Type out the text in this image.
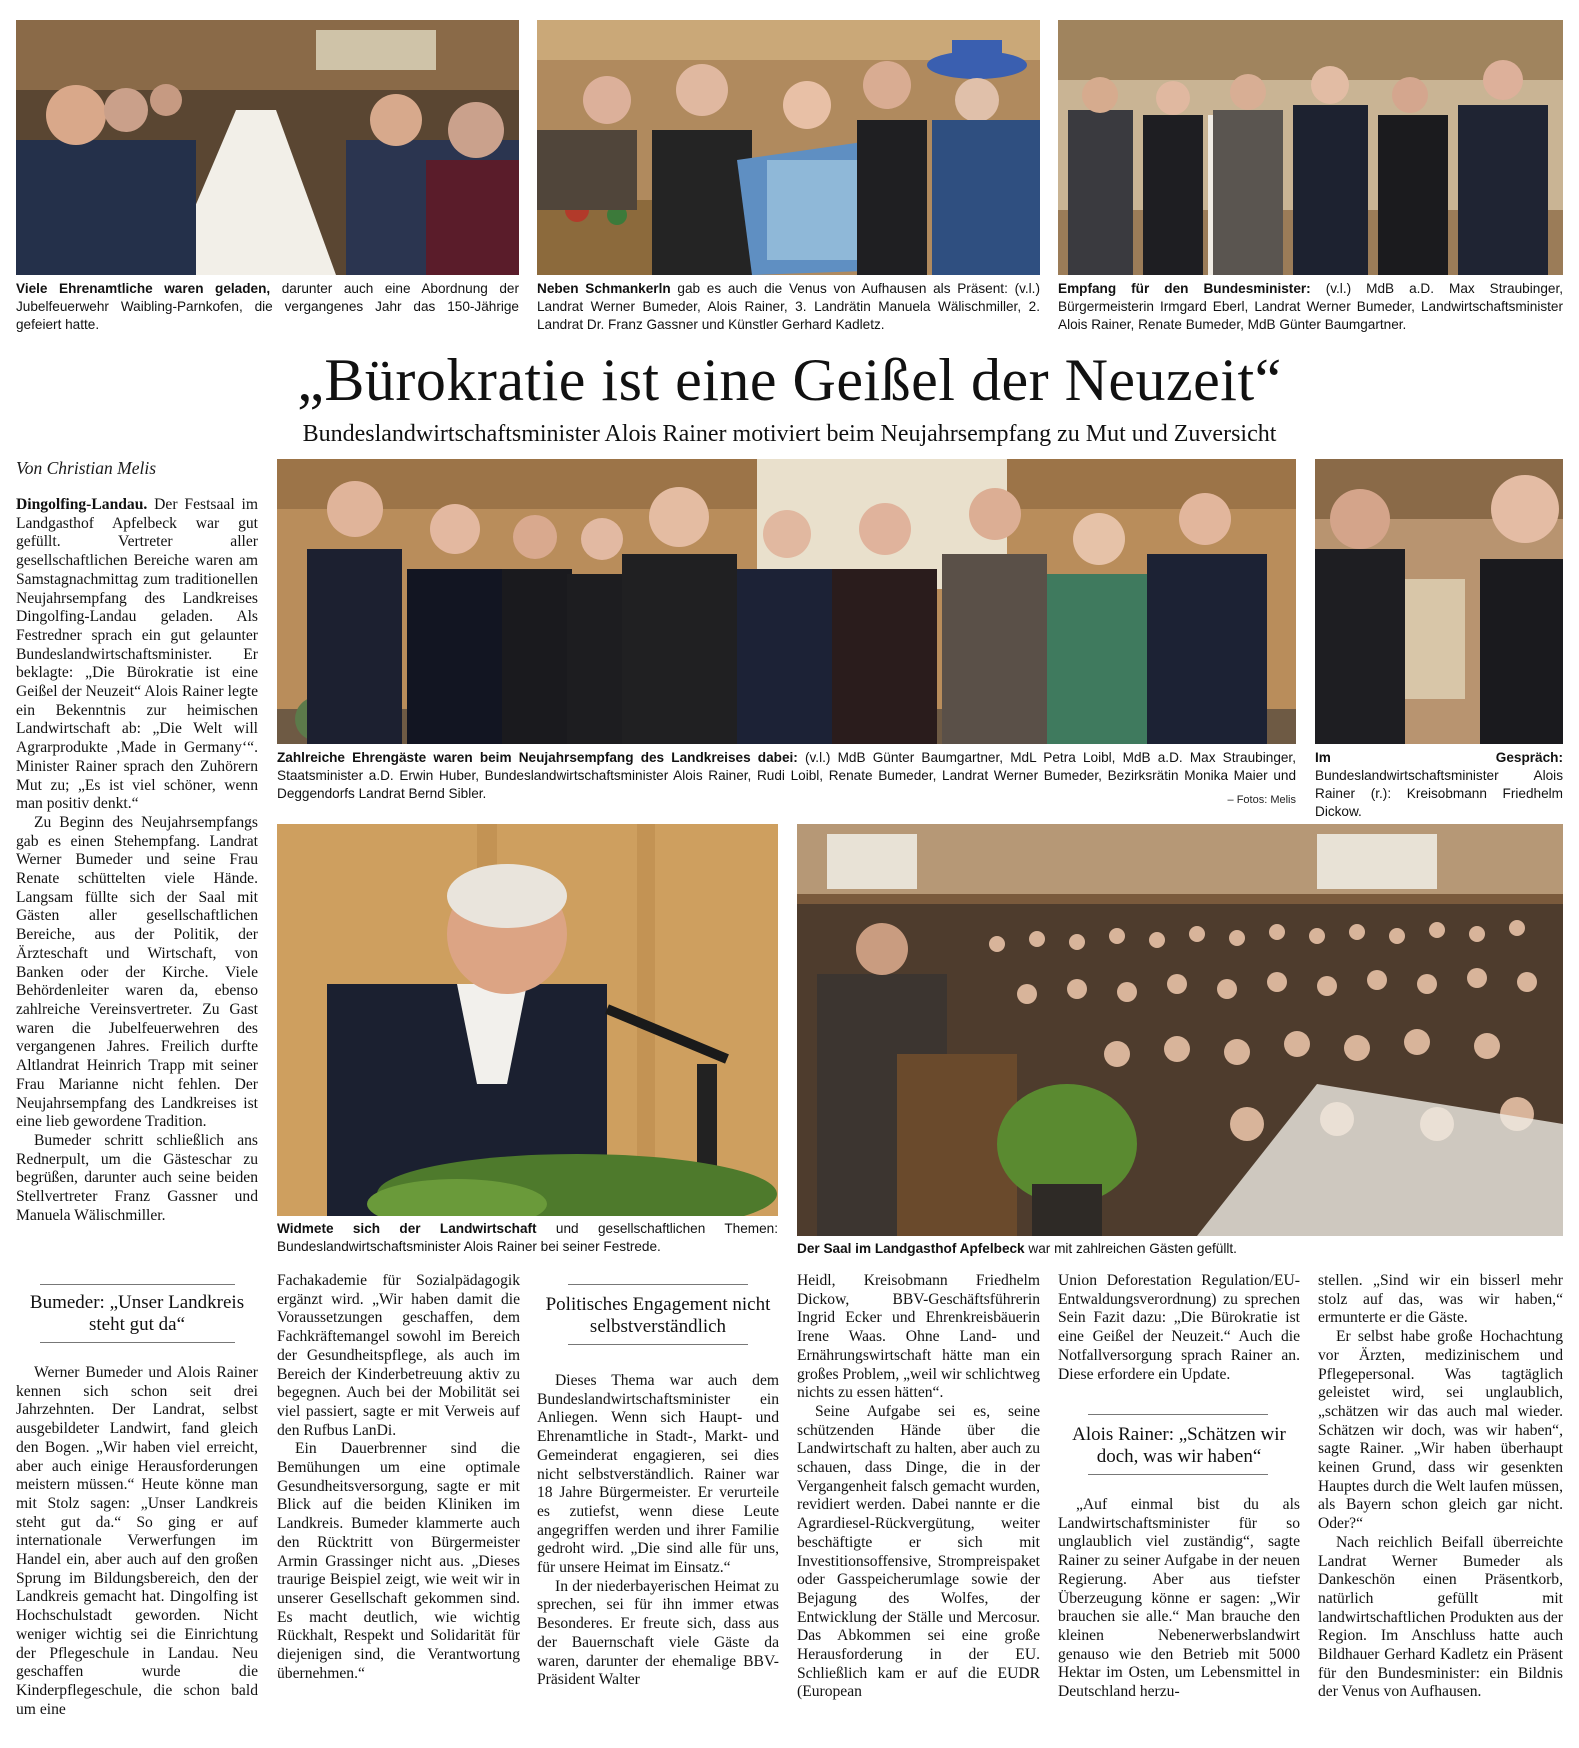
Viele Ehrenamtliche waren geladen, darunter auch eine Abordnung der Jubelfeuerwehr Waibling-Parnkofen, die vergangenes Jahr das 150-Jährige gefeiert hatte.
Neben Schmankerln gab es auch die Venus von Aufhausen als Präsent: (v.l.) Landrat Werner Bumeder, Alois Rainer, 3. Landrätin Manuela Wälischmiller, 2. Landrat Dr. Franz Gassner und Künstler Gerhard Kadletz.
Empfang für den Bundesminister: (v.l.) MdB a.D. Max Straubinger, Bürgermeisterin Irmgard Eberl, Landrat Werner Bumeder, Landwirtschaftsminister Alois Rainer, Renate Bumeder, MdB Günter Baumgartner.
„Bürokratie ist eine Geißel der Neuzeit“
Bundeslandwirtschaftsminister Alois Rainer motiviert beim Neujahrsempfang zu Mut und Zuversicht
Von Christian Melis
Zahlreiche Ehrengäste waren beim Neujahrsempfang des Landkreises dabei: (v.l.) MdB Günter Baumgartner, MdL Petra Loibl, MdB a.D. Max Straubinger, Staatsminister a.D. Erwin Huber, Bundeslandwirtschaftsminister Alois Rainer, Rudi Loibl, Renate Bumeder, Landrat Werner Bumeder, Bezirksrätin Monika Maier und Deggendorfs Landrat Bernd Sibler.	– Fotos: Melis
Im Gespräch: Bundeslandwirtschaftsminister Alois Rainer (r.): Kreisobmann Friedhelm Dickow.
Widmete sich der Landwirtschaft und gesellschaftlichen Themen: Bundeslandwirtschaftsminister Alois Rainer bei seiner Festrede.	Der Saal im Landgasthof Apfelbeck war mit zahlreichen Gästen gefüllt.

Dingolfing-Landau. Der Festsaal im Landgasthof Apfelbeck war gut gefüllt. Vertreter aller gesellschaftlichen Bereiche waren am Samstagnachmittag zum traditionellen Neujahrsempfang des Landkreises Dingolfing-Landau geladen. Als Festredner sprach ein gut gelaunter Bundeslandwirtschaftsminister. Er beklagte: „Die Bürokratie ist eine Geißel der Neuzeit“ Alois Rainer legte ein Bekenntnis zur heimischen Landwirtschaft ab: „Die Welt will Agrarprodukte ‚Made in Germany‘“. Minister Rainer sprach den Zuhörern Mut zu; „Es ist viel schöner, wenn man positiv denkt.“

Zu Beginn des Neujahrsempfangs gab es einen Stehempfang. Landrat Werner Bumeder und seine Frau Renate schüttelten viele Hände. Langsam füllte sich der Saal mit Gästen aller gesellschaftlichen Bereiche, aus der Politik, der Ärzteschaft und Wirtschaft, von Banken oder der Kirche. Viele Behördenleiter waren da, ebenso zahlreiche Vereinsvertreter. Zu Gast waren die Jubelfeuerwehren des vergangenen Jahres. Freilich durfte Altlandrat Heinrich Trapp mit seiner Frau Marianne nicht fehlen. Der Neujahrsempfang des Landkreises ist eine lieb gewordene Tradition.

Bumeder schritt schließlich ans Rednerpult, um die Gästeschar zu begrüßen, darunter auch seine beiden Stellvertreter Franz Gassner und Manuela Wälischmiller.

Bumeder: „Unser Landkreis steht gut da“

Werner Bumeder und Alois Rainer kennen sich schon seit drei Jahrzehnten. Der Landrat, selbst ausgebildeter Landwirt, fand gleich den Bogen. „Wir haben viel erreicht, aber auch einige Herausforderungen meistern müssen.“ Heute könne man mit Stolz sagen: „Unser Landkreis steht gut da.“ So ging er auf internationale Verwerfungen im Handel ein, aber auch auf den großen Sprung im Bildungsbereich, den der Landkreis gemacht hat. Dingolfing ist Hochschulstadt geworden. Nicht weniger wichtig sei die Einrichtung der Pflegeschule in Landau. Neu geschaffen wurde die Kinderpflegeschule, die schon bald um eine

Fachakademie für Sozialpädagogik ergänzt wird. „Wir haben damit die Voraussetzungen geschaffen, dem Fachkräftemangel sowohl im Bereich der Gesundheitspflege, als auch im Bereich der Kinderbetreuung aktiv zu begegnen. Auch bei der Mobilität sei viel passiert, sagte er mit Verweis auf den Rufbus LanDi.

Ein Dauerbrenner sind die Bemühungen um eine optimale Gesundheitsversorgung, sagte er mit Blick auf die beiden Kliniken im Landkreis. Bumeder klammerte auch den Rücktritt von Bürgermeister Armin Grassinger nicht aus. „Dieses traurige Beispiel zeigt, wie weit wir in unserer Gesellschaft gekommen sind. Es macht deutlich, wie wichtig Rückhalt, Respekt und Solidarität für diejenigen sind, die Verantwortung übernehmen.“

Politisches Engagement nicht selbstverständlich

Dieses Thema war auch dem Bundeslandwirtschaftsminister ein Anliegen. Wenn sich Haupt- und Ehrenamtliche in Stadt-, Markt- und Gemeinderat engagieren, sei dies nicht selbstverständlich. Rainer war 18 Jahre Bürgermeister. Er verurteile es zutiefst, wenn diese Leute angegriffen werden und ihrer Familie gedroht wird. „Die sind alle für uns, für unsere Heimat im Einsatz.“

In der niederbayerischen Heimat zu sprechen, sei für ihn immer etwas Besonderes. Er freute sich, dass aus der Bauernschaft viele Gäste da waren, darunter der ehemalige BBV-Präsident Walter

Heidl, Kreisobmann Friedhelm Dickow, BBV-Geschäftsführerin Ingrid Ecker und Ehrenkreisbäuerin Irene Waas. Ohne Land- und Ernährungswirtschaft hätte man ein großes Problem, „weil wir schlichtweg nichts zu essen hätten“.

Seine Aufgabe sei es, seine schützenden Hände über die Landwirtschaft zu halten, aber auch zu schauen, dass Dinge, die in der Vergangenheit falsch gemacht wurden, revidiert werden. Dabei nannte er die Agrardiesel-Rückvergütung, weiter beschäftigte er sich mit Investitionsoffensive, Strompreispaket oder Gasspeicherumlage sowie der Bejagung des Wolfes, der Entwicklung der Ställe und Mercosur. Das Abkommen sei eine große Herausforderung in der EU. Schließlich kam er auf die EUDR (European

Union Deforestation Regulation/EU-Entwaldungsverordnung) zu sprechen Sein Fazit dazu: „Die Bürokratie ist eine Geißel der Neuzeit.“ Auch die Notfallversorgung sprach Rainer an. Diese erfordere ein Update.

Alois Rainer: „Schätzen wir doch, was wir haben“

„Auf einmal bist du als Landwirtschaftsminister für so unglaublich viel zuständig“, sagte Rainer zu seiner Aufgabe in der neuen Regierung. Aber aus tiefster Überzeugung könne er sagen: „Wir brauchen sie alle.“ Man brauche den kleinen Nebenerwerbslandwirt genauso wie den Betrieb mit 5000 Hektar im Osten, um Lebensmittel in Deutschland herzu-

stellen. „Sind wir ein bisserl mehr stolz auf das, was wir haben,“ ermunterte er die Gäste.

Er selbst habe große Hochachtung vor Ärzten, medizinischem und Pflegepersonal. Was tagtäglich geleistet wird, sei unglaublich, „schätzen wir das auch mal wieder. Schätzen wir doch, was wir haben“, sagte Rainer. „Wir haben überhaupt keinen Grund, dass wir gesenkten Hauptes durch die Welt laufen müssen, als Bayern schon gleich gar nicht. Oder?“

Nach reichlich Beifall überreichte Landrat Werner Bumeder als Dankeschön einen Präsentkorb, natürlich gefüllt mit landwirtschaftlichen Produkten aus der Region. Im Anschluss hatte auch Bildhauer Gerhard Kadletz ein Präsent für den Bundesminister: ein Bildnis der Venus von Aufhausen.
